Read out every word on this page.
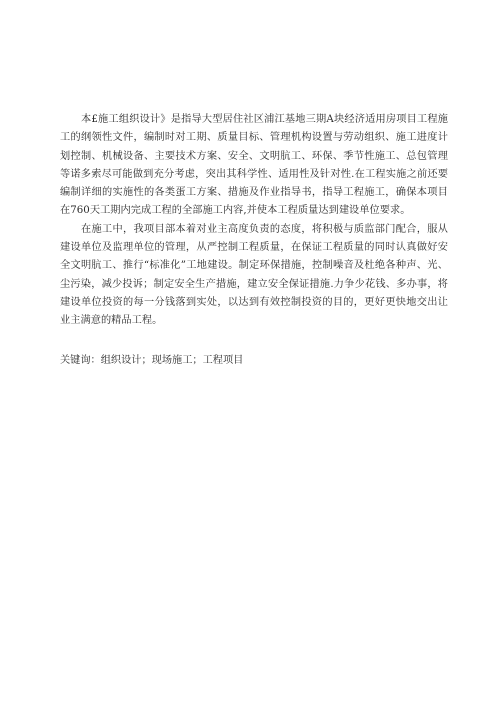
本£施工组织设计》是指导大型居住社区浦江基地三期A块经济适用房项目工程施工的纲领性文件，编制时对工期、质量目标、管理机构设置与劳动组织、施工进度计划控制、机械设备、主要技术方案、安全、文明肮工、环保、季节性施工、总包管理等诺多索尽可能做到充分考虑，突出其科学性、适用性及针对性.在工程实施之前还要编制详细的实施性的各类蛋工方案、措施及作业指导书，指导工程施工，确保本项目在760天工期内完成工程的全部施工内容,并使本工程质量达到建设单位要求。

在施工中，我项目部本着对业主高度负责的态度，将积极与质监部门配合，服从建设单位及监理单位的管理，从严控制工程质量，在保证工程质量的同时认真做好安全文明肮工、推行“标准化”工地建设。制定环保措施，控制噪音及杜绝各种声、光、尘污染，减少投诉；制定安全生产措施，建立安全保证措施.力争少花钱、多办事，将建设单位投资的每一分钱落到实处，以达到有效控制投资的目的，更好更快地交出让业主满意的精品工程。

关键询：组织设计；现场施工；工程项目
